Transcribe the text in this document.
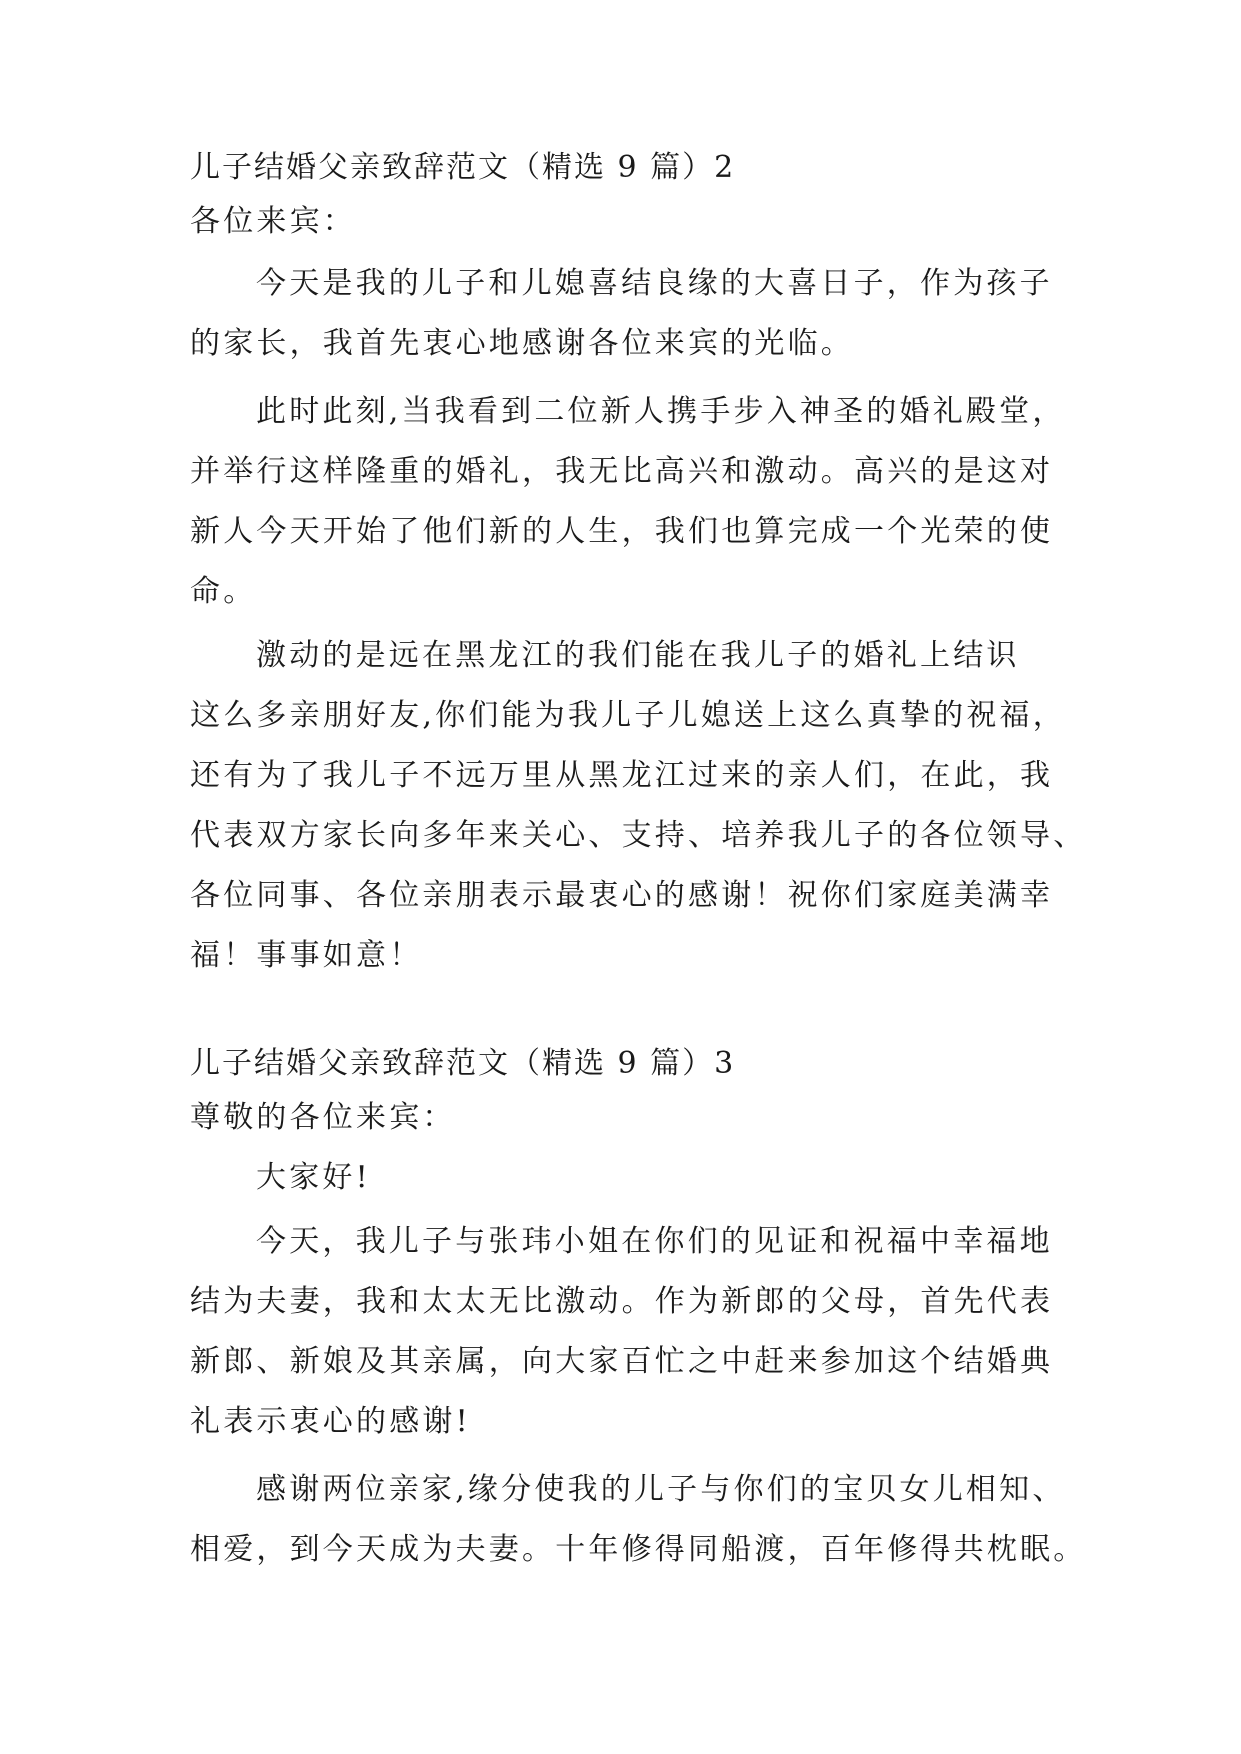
儿子结婚父亲致辞范文（精选 9 篇）2
各位来宾：
今天是我的儿子和儿媳喜结良缘的大喜日子，作为孩子
的家长，我首先衷心地感谢各位来宾的光临。
此时此刻,当我看到二位新人携手步入神圣的婚礼殿堂，
并举行这样隆重的婚礼，我无比高兴和激动。高兴的是这对
新人今天开始了他们新的人生，我们也算完成一个光荣的使
命。
激动的是远在黑龙江的我们能在我儿子的婚礼上结识
这么多亲朋好友,你们能为我儿子儿媳送上这么真挚的祝福，
还有为了我儿子不远万里从黑龙江过来的亲人们，在此，我
代表双方家长向多年来关心、支持、培养我儿子的各位领导、
各位同事、各位亲朋表示最衷心的感谢！祝你们家庭美满幸
福！事事如意！
儿子结婚父亲致辞范文（精选 9 篇）3
尊敬的各位来宾：
大家好!
今天，我儿子与张玮小姐在你们的见证和祝福中幸福地
结为夫妻，我和太太无比激动。作为新郎的父母，首先代表
新郎、新娘及其亲属，向大家百忙之中赶来参加这个结婚典
礼表示衷心的感谢!
感谢两位亲家,缘分使我的儿子与你们的宝贝女儿相知、
相爱，到今天成为夫妻。十年修得同船渡，百年修得共枕眠。
